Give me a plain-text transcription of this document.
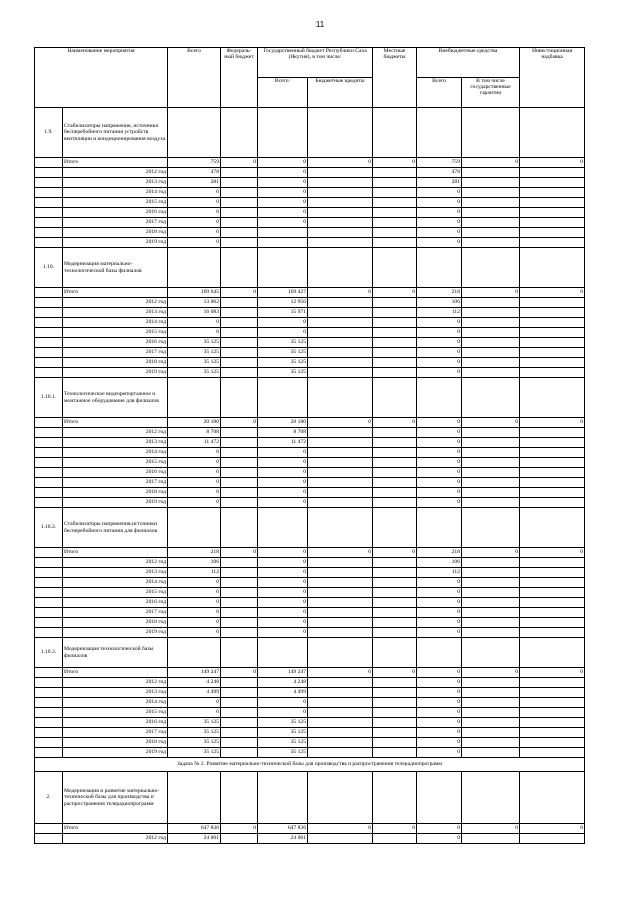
11
Наименование мероприятия		Всего	Федераль-ный бюджет	Государственный бюджет Республики Саха (Якутия), в том числе:		Местные бюджеты	Внебюджетные средства		Инвестиционная надбавка
				Всего:	Бюджетные кредиты		Всего	В том числе государственные гарантии	
1.9.	Стабилизаторы напряжения, источники бесперебойного питания устройств вентиляции и кондиционирования воздуха								
	Итого	759	0	0	0	0	759	0	0
	2012 год	478		0			478		
	2013 год	281		0			281		
	2014 год	0		0			0		
	2015 год	0		0			0		
	2016 год	0		0			0		
	2017 год	0		0			0		
	2018 год	0					0		
	2019 год	0					0		
1.10.	Модернизация материально-технологической базы филиалов								
	Итого	169 645	0	169 427	0	0	218	0	0
	2012 год	13 062		12 956			106		
	2013 год	16 083		15 971			112		
	2014 год	0		0			0		
	2015 год	0		0			0		
	2016 год	35 125		35 125			0		
	2017 год	35 125		35 125			0		
	2018 год	35 125		35 125			0		
	2019 год	35 125		35 125			0		
1.10.1.	Технологическое видеорепортажное и монтажное оборудование для филиалов								
	Итого	20 180	0	20 180	0	0	0	0	0
	2012 год	8 708		8 708			0		
	2013 год	11 472		11 472			0		
	2014 год	0		0			0		
	2015 год	0		0			0		
	2016 год	0		0			0		
	2017 год	0		0			0		
	2018 год	0		0			0		
	2019 год	0		0			0		
1.10.2.	Стабилизаторы напряжения,источники бесперебойного питания для филиалов								
	Итого	218	0	0	0	0	218	0	0
	2012 год	106		0			106		
	2013 год	112		0			112		
	2014 год	0		0			0		
	2015 год	0		0			0		
	2016 год	0		0			0		
	2017 год	0		0			0		
	2018 год	0		0			0		
	2019 год	0		0			0		
1.10.3.	Модернизация технологической базы филиалов								
	Итого	149 247	0	149 247	0	0	0	0	0
	2012 год	4 248		4 248			0		
	2013 год	4 499		4 499			0		
	2014 год	0		0			0		
	2015 год	0		0			0		
	2016 год	35 125		35 125			0		
	2017 год	35 125		35 125			0		
	2018 год	35 125		35 125			0		
	2019 год	35 125		35 125			0		
Задача № 2. Развитие материально-технической базы для производства и распространения телерадиопрограмм									
2.	Модернизация и развитие материально-технической базы для производства и распространения телерадиопрограмм								
	Итого	647 836	0	647 836	0	0	0	0	0
	2012 год	24 001		24 001			0		
